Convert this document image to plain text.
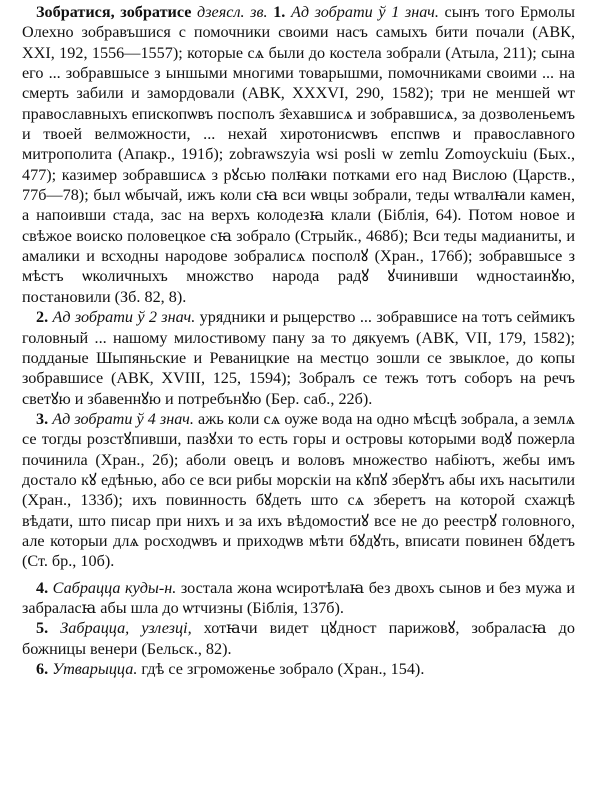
Зобратися, зобратисе дзеясл. зв. 1. Ад зобрати ў 1 знач. сынъ того Ермолы Олехно зобравъшися с помочники своими насъ самыхъ бити почали (АВК, XXI, 192, 1556—1557); которые сѧ были до костела зобрали (Атыла, 211); сына его ... зобравшысе з ыншыми многими товарышми, помочниками своими ... на смерть забили и замордовали (АВК, XXXVI, 290, 1582); три не меншей ѡт православныхъ епископѡвъ посполъ з҄ехавшисѧ и зобравшисѧ, за дозволеньемъ и твоей велможности, ... нехай хиротонисѡвъ епспѡв и православного митрополита (Апакр., 191б); zobrawszyia wsi posli w zemlu Zomoyckuiu (Бых., 477); казимер зобравшисѧ з рꙋсью полꙗки потками его над Вислою (Царств., 77б—78); был ѡбычай, ижъ коли сꙗ вси ѡвцы зобрали, теды ѡтвалꙗли камен, а напоивши стада, зас на верхъ колодезꙗ клали (Біблія, 64). Потом новое и свѣжое воиско половецкое сꙗ зобрало (Стрыйк., 468б); Вси теды мадианиты, и амалики и всходны народове зобралисѧ посполꙋ (Хран., 176б); зобравшысе з мѣстъ ѡколичныхъ множство народа радꙋ ꙋчинивши ѡдностаинꙋю, постановили (Зб. 82, 8).

2. Ад зобрати ў 2 знач. урядники и рыцерство ... зобравшисе на тотъ сеймикъ головный ... нашому милостивому пану за то дякуемъ (АВК, VII, 179, 1582); подданые Шыпяньские и Реваницкие на местцо зошли се звыклое, до копы зобравшисе (АВК, XVIII, 125, 1594); Зобралъ се тежъ тотъ соборъ на речъ светꙋю и збавеннꙋю и потребънꙋю (Бер. саб., 22б).

3. Ад зобрати ў 4 знач. ажь коли сѧ оуже вода на одно мѣсцѣ зобрала, а землѧ се тогды розстꙋпивши, пазꙋхи то есть горы и островы которыми водꙋ пожерла починила (Хран., 2б); аболи овецъ и воловъ множество набіютъ, жебы имъ достало кꙋ едѣнью, або се вси рибы морскіи на кꙋпꙋ зберꙋтъ абы ихъ насытили (Хран., 133б); ихъ повинность бꙋдеть што сѧ зберетъ на которой схажцѣ вѣдати, што писар при нихъ и за ихъ вѣдомостиꙋ все не до реестрꙋ головного, але которыи длѧ росходѡвъ и приходѡв мѣти бꙋдꙋть, вписати повинен бꙋдетъ (Ст. бр., 10б).

4. Сабрацца куды-н. зостала жона ѡсиротѣлаꙗ без двохъ сынов и без мужа и забраласꙗ абы шла до ѡтчизны (Біблія, 137б).

5. Забрацца, узлезці, хотꙗчи видет цꙋдност парижовꙋ, зобраласꙗ до божницы венери (Бельск., 82).

6. Утварыцца. гдѣ се згроможенье зобрало (Хран., 154).
